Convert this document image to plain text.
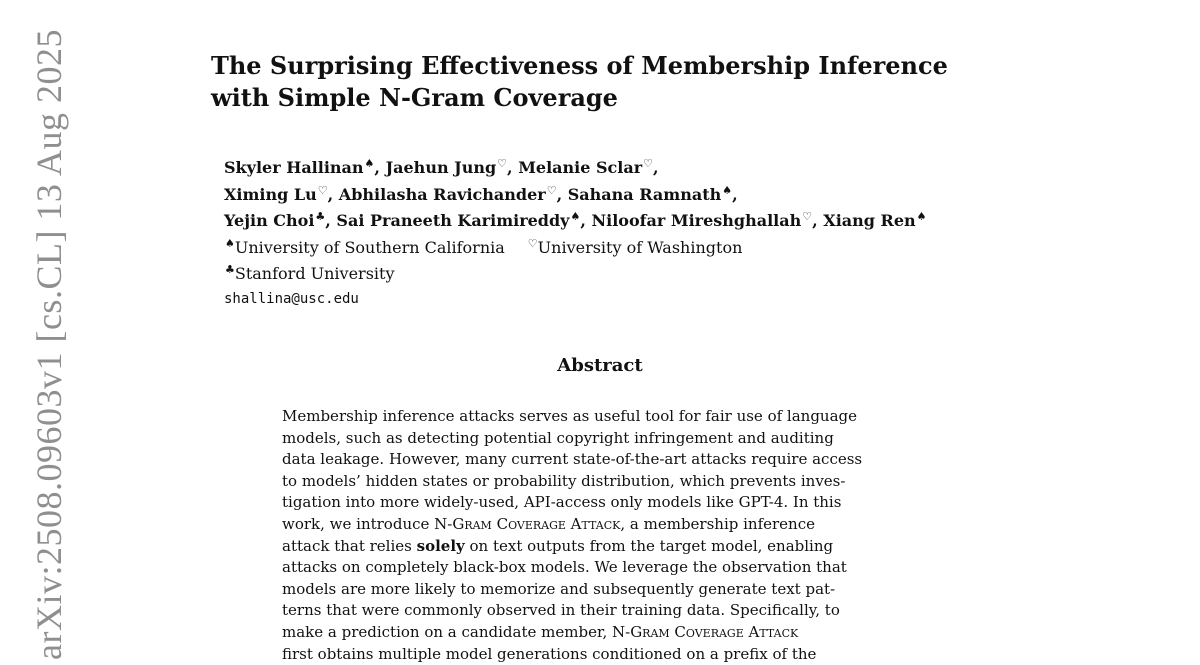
arXiv:2508.09603v1 [cs.CL] 13 Aug 2025	The Surprising Effectiveness of Membership Inference
with Simple N-Gram Coverage
Skyler Hallinan♠, Jaehun Jung♡, Melanie Sclar♡,
Ximing Lu♡, Abhilasha Ravichander♡, Sahana Ramnath♠,
Yejin Choi♣, Sai Praneeth Karimireddy♠, Niloofar Mireshghallah♡, Xiang Ren♠
♠University of Southern California ♡University of Washington
♣Stanford University
shallina@usc.edu
Abstract
Membership inference attacks serves as useful tool for fair use of language
models, such as detecting potential copyright infringement and auditing
data leakage. However, many current state-of-the-art attacks require access
to models’ hidden states or probability distribution, which prevents inves-
tigation into more widely-used, API-access only models like GPT-4. In this
work, we introduce N-Gram Coverage Attack, a membership inference
attack that relies solely on text outputs from the target model, enabling
attacks on completely black-box models. We leverage the observation that
models are more likely to memorize and subsequently generate text pat-
terns that were commonly observed in their training data. Specifically, to
make a prediction on a candidate member, N-Gram Coverage Attack
first obtains multiple model generations conditioned on a prefix of the
